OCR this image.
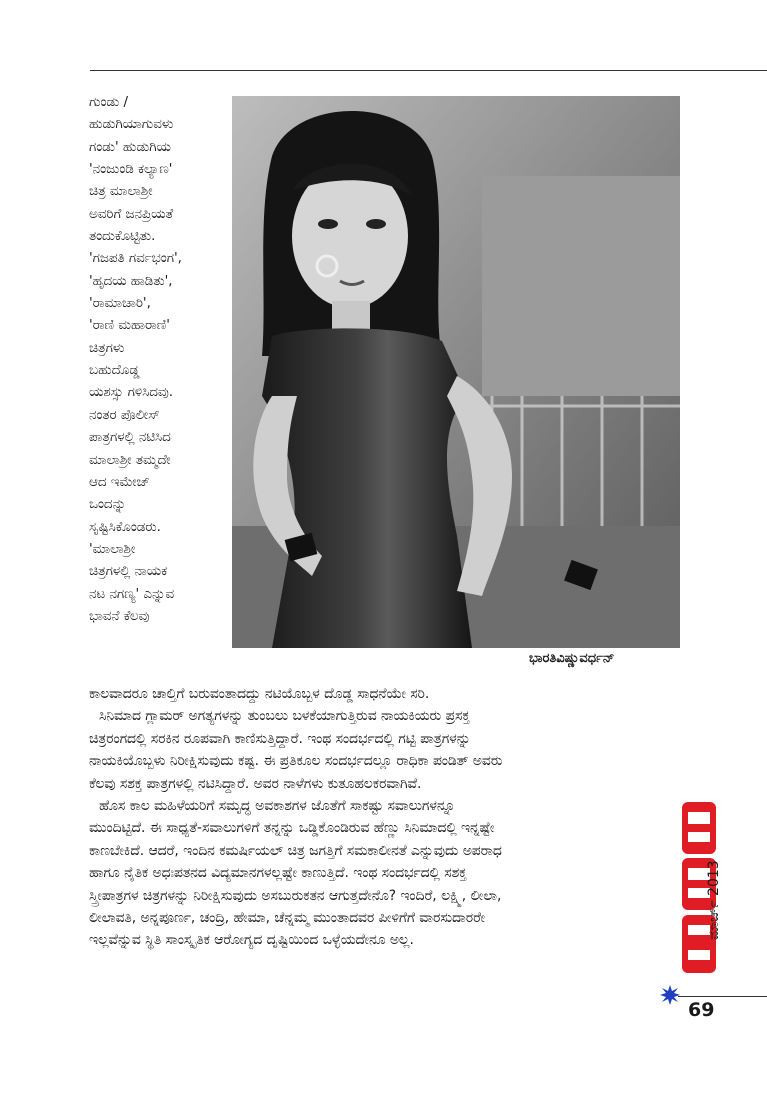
ಗುಂಡು /
ಹುಡುಗಿಯಾಗುವಳು
ಗಂಡು' ಹುಡುಗಿಯ
'ನಂಜುಂಡಿ ಕಲ್ಯಾಣ'
ಚಿತ್ರ ಮಾಲಾಶ್ರೀ
ಅವರಿಗೆ ಜನಪ್ರಿಯತೆ
ತಂದುಕೊಟ್ಟಿತು.
'ಗಜಪತಿ ಗರ್ವಭಂಗ',
'ಹೃದಯ ಹಾಡಿತು',
'ರಾಮಾಚಾರಿ',
'ರಾಣಿ ಮಹಾರಾಣಿ'
ಚಿತ್ರಗಳು
ಬಹುದೊಡ್ಡ
ಯಶಸ್ಸು ಗಳಿಸಿದವು.
ನಂತರ ಪೊಲೀಸ್
ಪಾತ್ರಗಳಲ್ಲಿ ನಟಿಸಿದ
ಮಾಲಾಶ್ರೀ ತಮ್ಮದೇ
ಆದ ಇಮೇಜ್
ಒಂದನ್ನು
ಸೃಷ್ಟಿಸಿಕೊಂಡರು.
'ಮಾಲಾಶ್ರೀ
ಚಿತ್ರಗಳಲ್ಲಿ ನಾಯಕ
ನಟ ನಗಣ್ಯ' ಎನ್ನುವ
ಭಾವನೆ ಕೆಲವು
ಭಾರತಿವಿಷ್ಣುವರ್ಧನ್
ಕಾಲವಾದರೂ ಚಾಲ್ತಿಗೆ ಬರುವಂತಾದದ್ದು ನಟಿಯೊಬ್ಬಳ ದೊಡ್ಡ ಸಾಧನೆಯೇ ಸರಿ.
ಸಿನಿಮಾದ ಗ್ಲಾಮರ್ ಅಗತ್ಯಗಳನ್ನು ತುಂಬಲು ಬಳಕೆಯಾಗುತ್ತಿರುವ ನಾಯಕಿಯರು ಪ್ರಸಕ್ತ
ಚಿತ್ರರಂಗದಲ್ಲಿ ಸರಕಿನ ರೂಪವಾಗಿ ಕಾಣಿಸುತ್ತಿದ್ದಾರೆ. ಇಂಥ ಸಂದರ್ಭದಲ್ಲಿ ಗಟ್ಟಿ ಪಾತ್ರಗಳನ್ನು
ನಾಯಕಿಯೊಬ್ಬಳು ನಿರೀಕ್ಷಿಸುವುದು ಕಷ್ಟ. ಈ ಪ್ರತಿಕೂಲ ಸಂದರ್ಭದಲ್ಲೂ ರಾಧಿಕಾ ಪಂಡಿತ್ ಅವರು
ಕೆಲವು ಸಶಕ್ತ ಪಾತ್ರಗಳಲ್ಲಿ ನಟಿಸಿದ್ದಾರೆ. ಅವರ ನಾಳೆಗಳು ಕುತೂಹಲಕರವಾಗಿವೆ.
ಹೊಸ ಕಾಲ ಮಹಿಳೆಯರಿಗೆ ಸಮೃದ್ಧ ಅವಕಾಶಗಳ ಜೊತೆಗೆ ಸಾಕಷ್ಟು ಸವಾಲುಗಳನ್ನೂ
ಮುಂದಿಟ್ಟಿದೆ. ಈ ಸಾಧ್ಯತೆ-ಸವಾಲುಗಳಿಗೆ ತನ್ನನ್ನು ಒಡ್ಡಿಕೊಂಡಿರುವ ಹೆಣ್ಣು ಸಿನಿಮಾದಲ್ಲಿ ಇನ್ನಷ್ಟೇ
ಕಾಣಬೇಕಿದೆ. ಆದರೆ, ಇಂದಿನ ಕಮರ್ಷಿಯಲ್ ಚಿತ್ರ ಜಗತ್ತಿಗೆ ಸಮಕಾಲೀನತೆ ಎನ್ನುವುದು ಅಪರಾಧ
ಹಾಗೂ ನೈತಿಕ ಅಧಃಪತನದ ವಿದ್ಯಮಾನಗಳಲ್ಲಷ್ಟೇ ಕಾಣುತ್ತಿದೆ. ಇಂಥ ಸಂದರ್ಭದಲ್ಲಿ ಸಶಕ್ತ
ಸ್ತ್ರೀಪಾತ್ರಗಳ ಚಿತ್ರಗಳನ್ನು ನಿರೀಕ್ಷಿಸುವುದು ಅಸಬುರುಕತನ ಆಗುತ್ತದೇನೊ? ಇಂದಿರೆ, ಲಕ್ಷ್ಮಿ, ಲೀಲಾ,
ಲೀಲಾವತಿ, ಅನ್ನಪೂರ್ಣ, ಚಂದ್ರಿ, ಹೇಮಾ, ಚೆನ್ನಮ್ಮ ಮುಂತಾದವರ ಪೀಳಿಗೆಗೆ ವಾರಸುದಾರರೇ
ಇಲ್ಲವೆನ್ನುವ ಸ್ಥಿತಿ ಸಾಂಸ್ಕೃತಿಕ ಆರೋಗ್ಯದ ದೃಷ್ಟಿಯಿಂದ ಒಳ್ಳೆಯದೇನೂ ಅಲ್ಲ.
ಮಾರ್ಚ್ 2013
69
